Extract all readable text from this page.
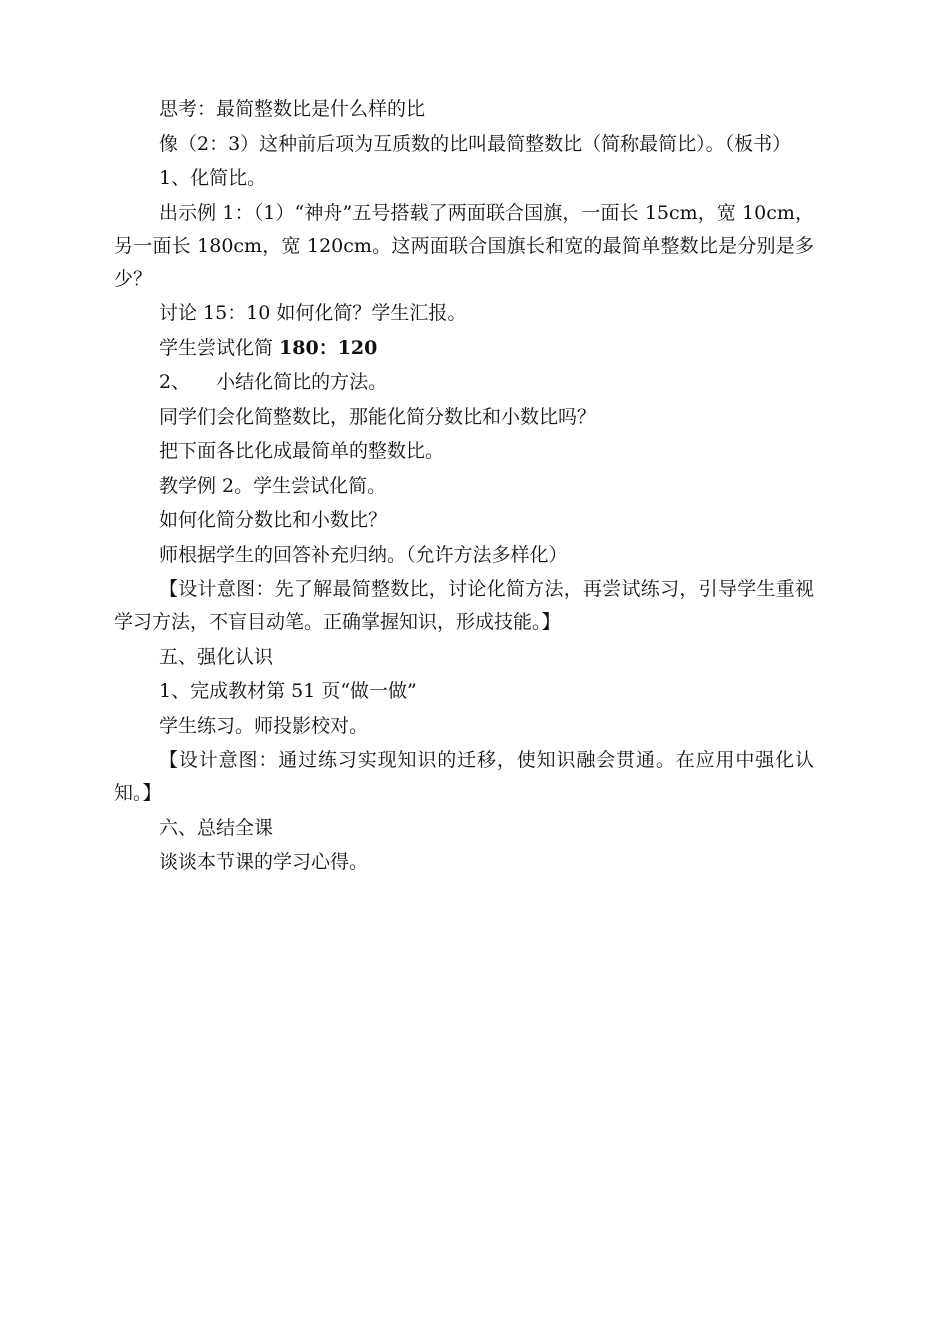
思考：最简整数比是什么样的比

像（2：3）这种前后项为互质数的比叫最简整数比（简称最简比）。（板书）

1、化简比。

出示例 1：（1）“神舟”五号搭载了两面联合国旗，一面长 15cm，宽 10cm，另一面长 180cm，宽 120cm。这两面联合国旗长和宽的最简单整数比是分别是多少？

讨论 15：10 如何化简？学生汇报。

学生尝试化简 180：120

2、 小结化简比的方法。

同学们会化简整数比，那能化简分数比和小数比吗？

把下面各比化成最简单的整数比。

教学例 2。学生尝试化简。

如何化简分数比和小数比？

师根据学生的回答补充归纳。（允许方法多样化）

【设计意图：先了解最简整数比，讨论化简方法，再尝试练习，引导学生重视学习方法，不盲目动笔。正确掌握知识，形成技能。】

五、强化认识

1、完成教材第 51 页“做一做”

学生练习。师投影校对。

【设计意图：通过练习实现知识的迁移，使知识融会贯通。在应用中强化认知。】

六、总结全课

谈谈本节课的学习心得。
